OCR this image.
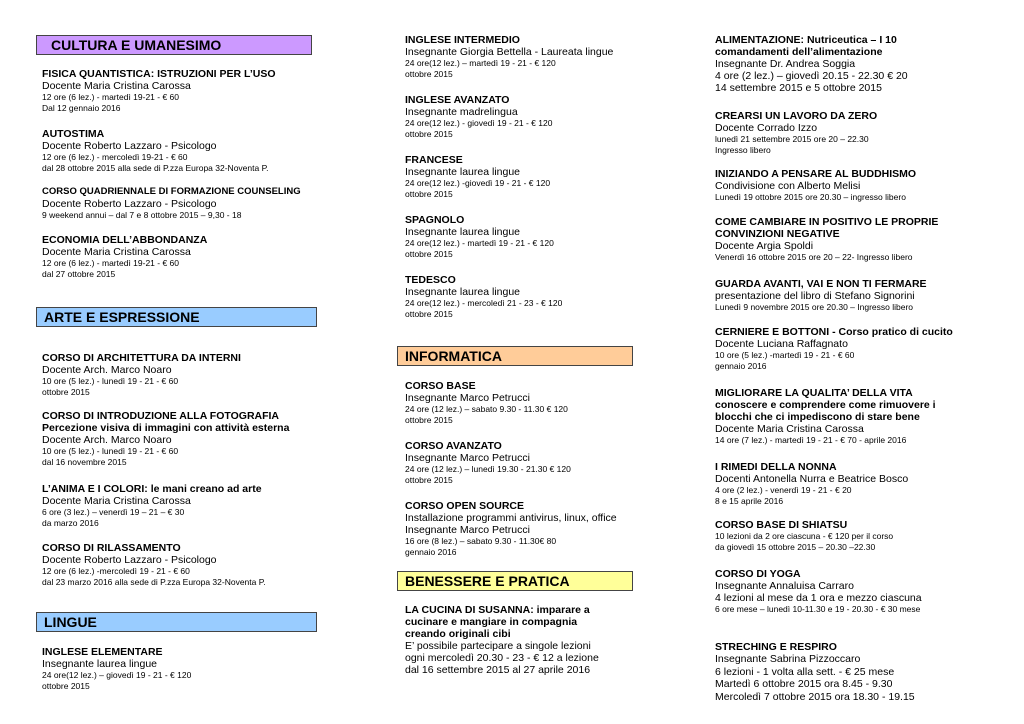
CULTURA E UMANESIMO

FISICA QUANTISTICA: ISTRUZIONI PER L’USO

Docente Maria Cristina Carossa

12 ore (6 lez.) - martedì 19-21 - € 60

Dal 12 gennaio 2016

AUTOSTIMA

Docente Roberto Lazzaro - Psicologo

12 ore (6 lez.) - mercoledì 19-21 - € 60

dal 28 ottobre 2015 alla sede di P.zza Europa 32-Noventa P.

CORSO QUADRIENNALE DI FORMAZIONE COUNSELING

Docente Roberto Lazzaro - Psicologo

9 weekend annui – dal 7 e 8 ottobre 2015 – 9,30 - 18

ECONOMIA DELL’ABBONDANZA

Docente Maria Cristina Carossa

12 ore (6 lez.) - martedì 19-21 - € 60

dal 27 ottobre 2015

ARTE E ESPRESSIONE

CORSO DI ARCHITETTURA DA INTERNI

Docente Arch. Marco Noaro

10 ore (5 lez.) - lunedì 19 - 21 - € 60

ottobre 2015

CORSO DI INTRODUZIONE ALLA FOTOGRAFIA

Percezione visiva di immagini con attività esterna

Docente Arch. Marco Noaro

10 ore (5 lez.) - lunedì 19 - 21 - € 60

dal 16 novembre 2015

L’ANIMA E I COLORI: le mani creano ad arte

Docente Maria Cristina Carossa

6 ore (3 lez.) – venerdì 19 – 21 – € 30

da marzo 2016

CORSO DI RILASSAMENTO

Docente Roberto Lazzaro - Psicologo

12 ore (6 lez.) -mercoledì 19 - 21 - € 60

dal 23 marzo 2016 alla sede di P.zza Europa 32-Noventa P.

LINGUE

INGLESE ELEMENTARE

Insegnante laurea lingue

24 ore(12 lez.) – giovedì 19 - 21 - € 120

ottobre 2015

INGLESE INTERMEDIO

Insegnante Giorgia Bettella - Laureata lingue

24 ore(12 lez.) – martedì 19 - 21 - € 120

ottobre 2015

INGLESE AVANZATO

Insegnante madrelingua

24 ore(12 lez.) - giovedì 19 - 21 - € 120

ottobre 2015

FRANCESE

Insegnante laurea lingue

24 ore(12 lez.) -giovedì 19 - 21 - € 120

ottobre 2015

SPAGNOLO

Insegnante laurea lingue

24 ore(12 lez.) - martedì 19 - 21 - € 120

ottobre 2015

TEDESCO

Insegnante laurea lingue

24 ore(12 lez.) - mercoledì 21 - 23 - € 120

ottobre 2015

INFORMATICA

CORSO BASE

Insegnante Marco Petrucci

24 ore (12 lez.) – sabato 9.30 - 11.30 € 120

ottobre 2015

CORSO AVANZATO

Insegnante Marco Petrucci

24 ore (12 lez.) – lunedì 19.30 - 21.30 € 120

ottobre 2015

CORSO OPEN SOURCE

Installazione programmi antivirus, linux, office

Insegnante Marco Petrucci

16 ore (8 lez.) – sabato 9.30 - 11.30€ 80

gennaio 2016

BENESSERE E PRATICA

LA CUCINA DI SUSANNA: imparare a

cucinare e mangiare in compagnia

creando originali cibi

E’ possibile partecipare a singole lezioni

ogni mercoledì 20.30 - 23 - € 12 a lezione

dal 16 settembre 2015 al 27 aprile 2016

ALIMENTAZIONE: Nutriceutica – I 10

comandamenti dell’alimentazione

Insegnante Dr. Andrea Soggia

4 ore (2 lez.) – giovedì 20.15 - 22.30 € 20

14 settembre 2015 e 5 ottobre 2015

CREARSI UN LAVORO DA ZERO

Docente Corrado Izzo

lunedì 21 settembre 2015 ore 20 – 22.30

Ingresso libero

INIZIANDO A PENSARE AL BUDDHISMO

Condivisione con Alberto Melisi

Lunedì 19 ottobre 2015 ore 20.30 – ingresso libero

COME CAMBIARE IN POSITIVO LE PROPRIE

CONVINZIONI NEGATIVE

Docente Argia Spoldi

Venerdì 16 ottobre 2015 ore 20 – 22- Ingresso libero

GUARDA AVANTI, VAI E NON TI FERMARE

presentazione del libro di Stefano Signorini

Lunedì 9 novembre 2015 ore 20.30 – Ingresso libero

CERNIERE E BOTTONI - Corso pratico di cucito

Docente Luciana Raffagnato

10 ore (5 lez.) -martedì 19 - 21 - € 60

gennaio 2016

MIGLIORARE LA QUALITA’ DELLA VITA

conoscere e comprendere come rimuovere i

blocchi che ci impediscono di stare bene

Docente Maria Cristina Carossa

14 ore (7 lez.) - martedì 19 - 21 - € 70 - aprile 2016

I RIMEDI DELLA NONNA

Docenti Antonella Nurra e Beatrice Bosco

4 ore (2 lez.) - venerdì 19 - 21 - € 20

8 e 15 aprile 2016

CORSO BASE DI SHIATSU

10 lezioni da 2 ore ciascuna - € 120 per il corso

da giovedì 15 ottobre 2015 – 20.30 –22.30

CORSO DI YOGA

Insegnante Annaluisa Carraro

4 lezioni al mese da 1 ora e mezzo ciascuna

6 ore mese – lunedì 10-11.30 e 19 - 20.30 - € 30 mese

STRECHING E RESPIRO

Insegnante Sabrina Pizzoccaro

6 lezioni - 1 volta alla sett. - € 25 mese

Martedì 6 ottobre 2015 ora 8.45 - 9.30

Mercoledì 7 ottobre 2015 ora 18.30 - 19.15
